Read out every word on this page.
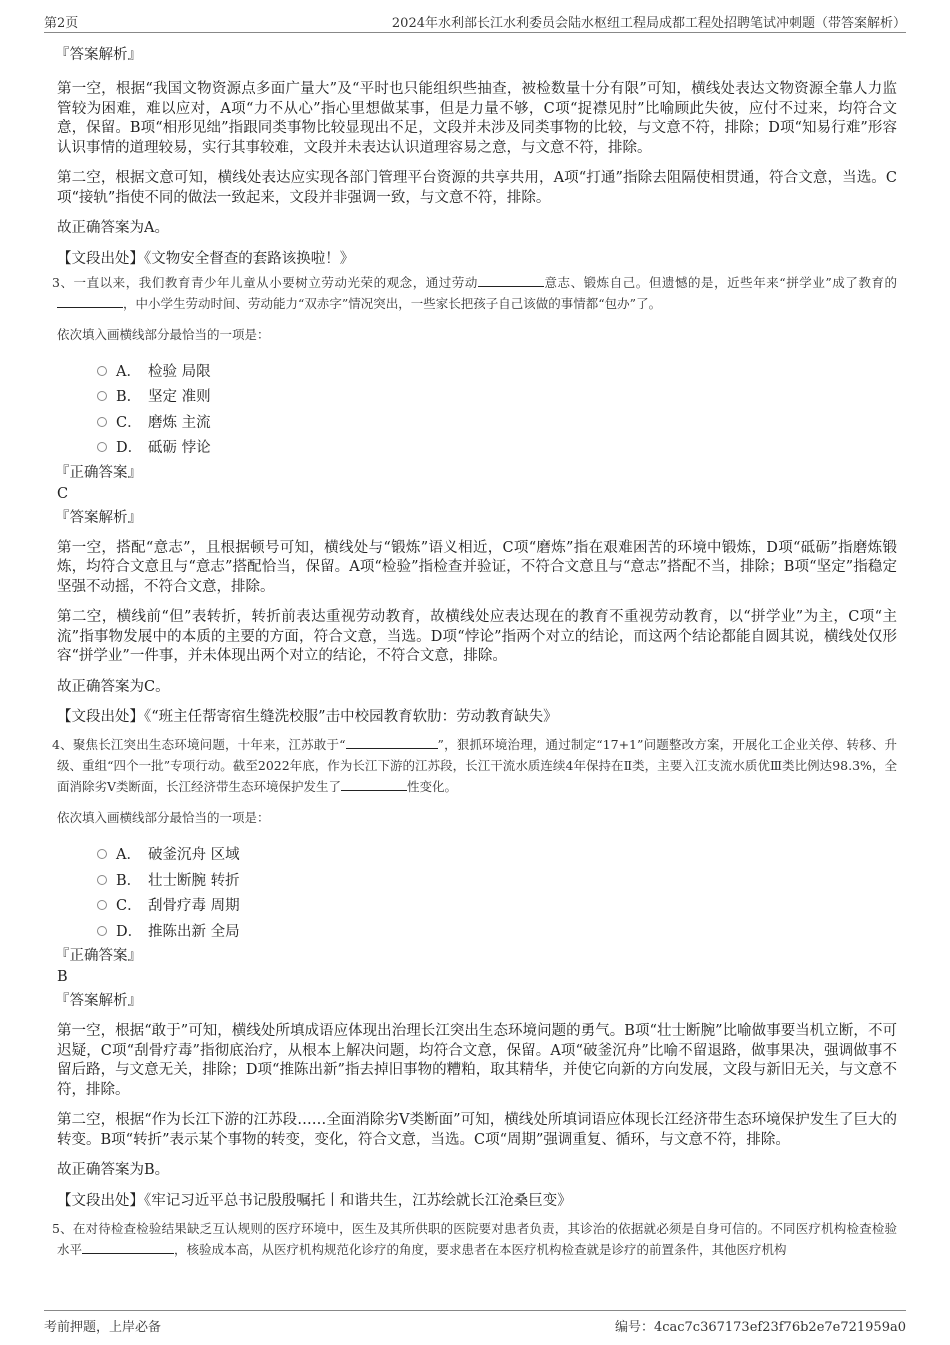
第2页	2024年水利部长江水利委员会陆水枢纽工程局成都工程处招聘笔试冲刺题（带答案解析）
『答案解析』

第一空，根据“我国文物资源点多面广量大”及“平时也只能组织些抽查，被检数量十分有限”可知，横线处表达文物资源全靠人力监管较为困难，难以应对，A项“力不从心”指心里想做某事，但是力量不够，C项“捉襟见肘”比喻顾此失彼，应付不过来，均符合文意，保留。B项“相形见绌”指跟同类事物比较显现出不足，文段并未涉及同类事物的比较，与文意不符，排除；D项“知易行难”形容认识事情的道理较易，实行其事较难，文段并未表达认识道理容易之意，与文意不符，排除。

第二空，根据文意可知，横线处表达应实现各部门管理平台资源的共享共用，A项“打通”指除去阻隔使相贯通，符合文意，当选。C项“接轨”指使不同的做法一致起来，文段并非强调一致，与文意不符，排除。

故正确答案为A。

【文段出处】《文物安全督查的套路该换啦！》

3、一直以来，我们教育青少年儿童从小要树立劳动光荣的观念，通过劳动	意志、锻炼自己。但遗憾的是，近些年来“拼学业”成了教育的，中小学生劳动时间、劳动能力“双赤字”情况突出，一些家长把孩子自己该做的事情都“包办”了。

依次填入画横线部分最恰当的一项是：
A． 检验 局限
B． 坚定 准则
C． 磨炼 主流
D． 砥砺 悖论
『正确答案』
C
『答案解析』

第一空，搭配“意志”，且根据顿号可知，横线处与“锻炼”语义相近，C项“磨炼”指在艰难困苦的环境中锻炼，D项“砥砺”指磨炼锻炼，均符合文意且与“意志”搭配恰当，保留。A项“检验”指检查并验证，不符合文意且与“意志”搭配不当，排除；B项“坚定”指稳定坚强不动摇，不符合文意，排除。

第二空，横线前“但”表转折，转折前表达重视劳动教育，故横线处应表达现在的教育不重视劳动教育，以“拼学业”为主，C项“主流”指事物发展中的本质的主要的方面，符合文意，当选。D项“悖论”指两个对立的结论，而这两个结论都能自圆其说，横线处仅形容“拼学业”一件事，并未体现出两个对立的结论，不符合文意，排除。

故正确答案为C。

【文段出处】《“班主任帮寄宿生缝洗校服”击中校园教育软肋：劳动教育缺失》

4、聚焦长江突出生态环境问题，十年来，江苏敢于“	”，狠抓环境治理，通过制定“17+1”问题整改方案，开展化工企业关停、转移、升级、重组“四个一批”专项行动。截至2022年底，作为长江下游的江苏段，长江干流水质连续4年保持在Ⅱ类，主要入江支流水质优Ⅲ类比例达98.3%，全面消除劣Ⅴ类断面，长江经济带生态环境保护发生了	性变化。

依次填入画横线部分最恰当的一项是：
A． 破釜沉舟 区域
B． 壮士断腕 转折
C． 刮骨疗毒 周期
D． 推陈出新 全局
『正确答案』
B
『答案解析』

第一空，根据“敢于”可知，横线处所填成语应体现出治理长江突出生态环境问题的勇气。B项“壮士断腕”比喻做事要当机立断，不可迟疑，C项“刮骨疗毒”指彻底治疗，从根本上解决问题，均符合文意，保留。A项“破釜沉舟”比喻不留退路，做事果决，强调做事不留后路，与文意无关，排除；D项“推陈出新”指去掉旧事物的糟粕，取其精华，并使它向新的方向发展，文段与新旧无关，与文意不符，排除。

第二空，根据“作为长江下游的江苏段……全面消除劣Ⅴ类断面”可知，横线处所填词语应体现长江经济带生态环境保护发生了巨大的转变。B项“转折”表示某个事物的转变，变化，符合文意，当选。C项“周期”强调重复、循环，与文意不符，排除。

故正确答案为B。

【文段出处】《牢记习近平总书记殷殷嘱托丨和谐共生，江苏绘就长江沧桑巨变》

5、在对待检查检验结果缺乏互认规则的医疗环境中，医生及其所供职的医院要对患者负责，其诊治的依据就必须是自身可信的。不同医疗机构检查检验水平	，核验成本高，从医疗机构规范化诊疗的角度，要求患者在本医疗机构检查就是诊疗的前置条件，其他医疗机构

考前押题，上岸必备	编号：4cac7c367173ef23f76b2e7e721959a0
